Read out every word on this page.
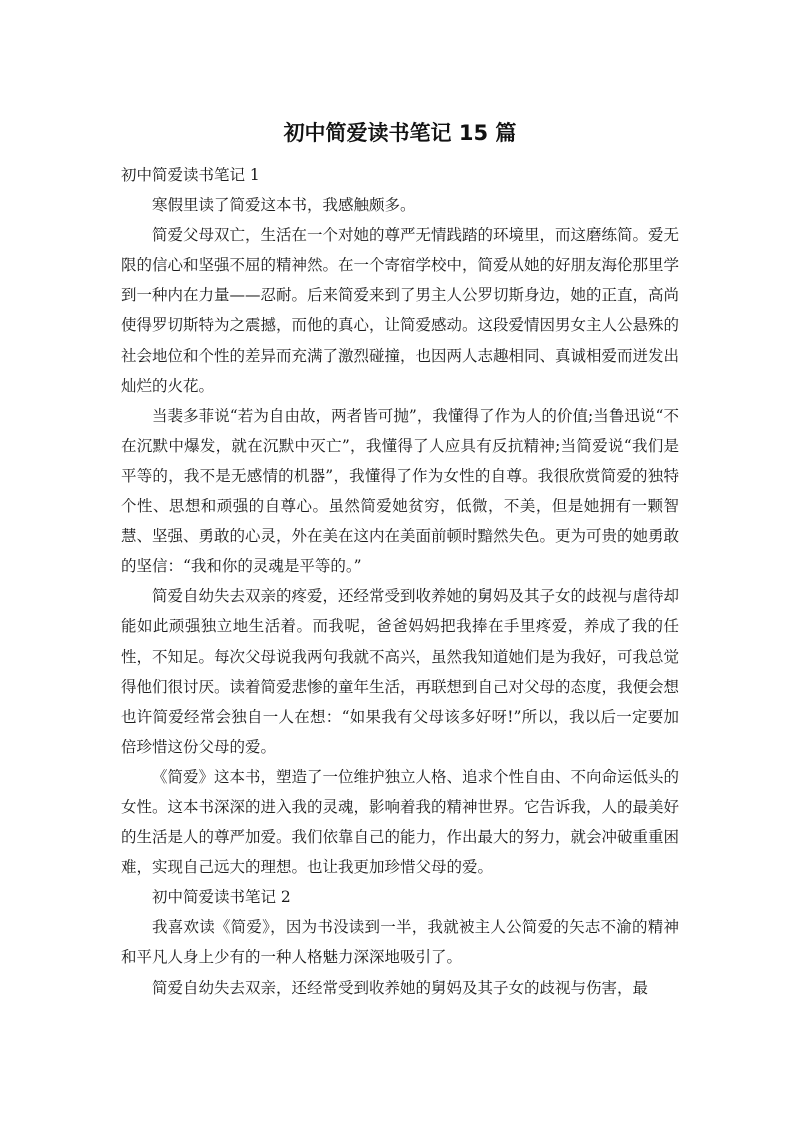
初中简爱读书笔记 15 篇

初中简爱读书笔记 1

寒假里读了简爱这本书，我感触颇多。

简爱父母双亡，生活在一个对她的尊严无情践踏的环境里，而这磨练简。爱无限的信心和坚强不屈的精神然。在一个寄宿学校中，简爱从她的好朋友海伦那里学到一种内在力量——忍耐。后来简爱来到了男主人公罗切斯身边，她的正直，高尚使得罗切斯特为之震撼，而他的真心，让简爱感动。这段爱情因男女主人公悬殊的社会地位和个性的差异而充满了激烈碰撞，也因两人志趣相同、真诚相爱而迸发出灿烂的火花。

当裴多菲说“若为自由故，两者皆可抛”，我懂得了作为人的价值;当鲁迅说“不在沉默中爆发，就在沉默中灭亡”，我懂得了人应具有反抗精神;当简爱说“我们是平等的，我不是无感情的机器”，我懂得了作为女性的自尊。我很欣赏简爱的独特个性、思想和顽强的自尊心。虽然简爱她贫穷，低微，不美，但是她拥有一颗智慧、坚强、勇敢的心灵，外在美在这内在美面前顿时黯然失色。更为可贵的她勇敢的坚信：“我和你的灵魂是平等的。”

简爱自幼失去双亲的疼爱，还经常受到收养她的舅妈及其子女的歧视与虐待却能如此顽强独立地生活着。而我呢，爸爸妈妈把我捧在手里疼爱，养成了我的任性，不知足。每次父母说我两句我就不高兴，虽然我知道她们是为我好，可我总觉得他们很讨厌。读着简爱悲惨的童年生活，再联想到自己对父母的态度，我便会想也许简爱经常会独自一人在想：“如果我有父母该多好呀!”所以，我以后一定要加倍珍惜这份父母的爱。

《简爱》这本书，塑造了一位维护独立人格、追求个性自由、不向命运低头的女性。这本书深深的进入我的灵魂，影响着我的精神世界。它告诉我，人的最美好的生活是人的尊严加爱。我们依靠自己的能力，作出最大的努力，就会冲破重重困难，实现自己远大的理想。也让我更加珍惜父母的爱。

初中简爱读书笔记 2

我喜欢读《简爱》，因为书没读到一半，我就被主人公简爱的矢志不渝的精神和平凡人身上少有的一种人格魅力深深地吸引了。

简爱自幼失去双亲，还经常受到收养她的舅妈及其子女的歧视与伤害，最
